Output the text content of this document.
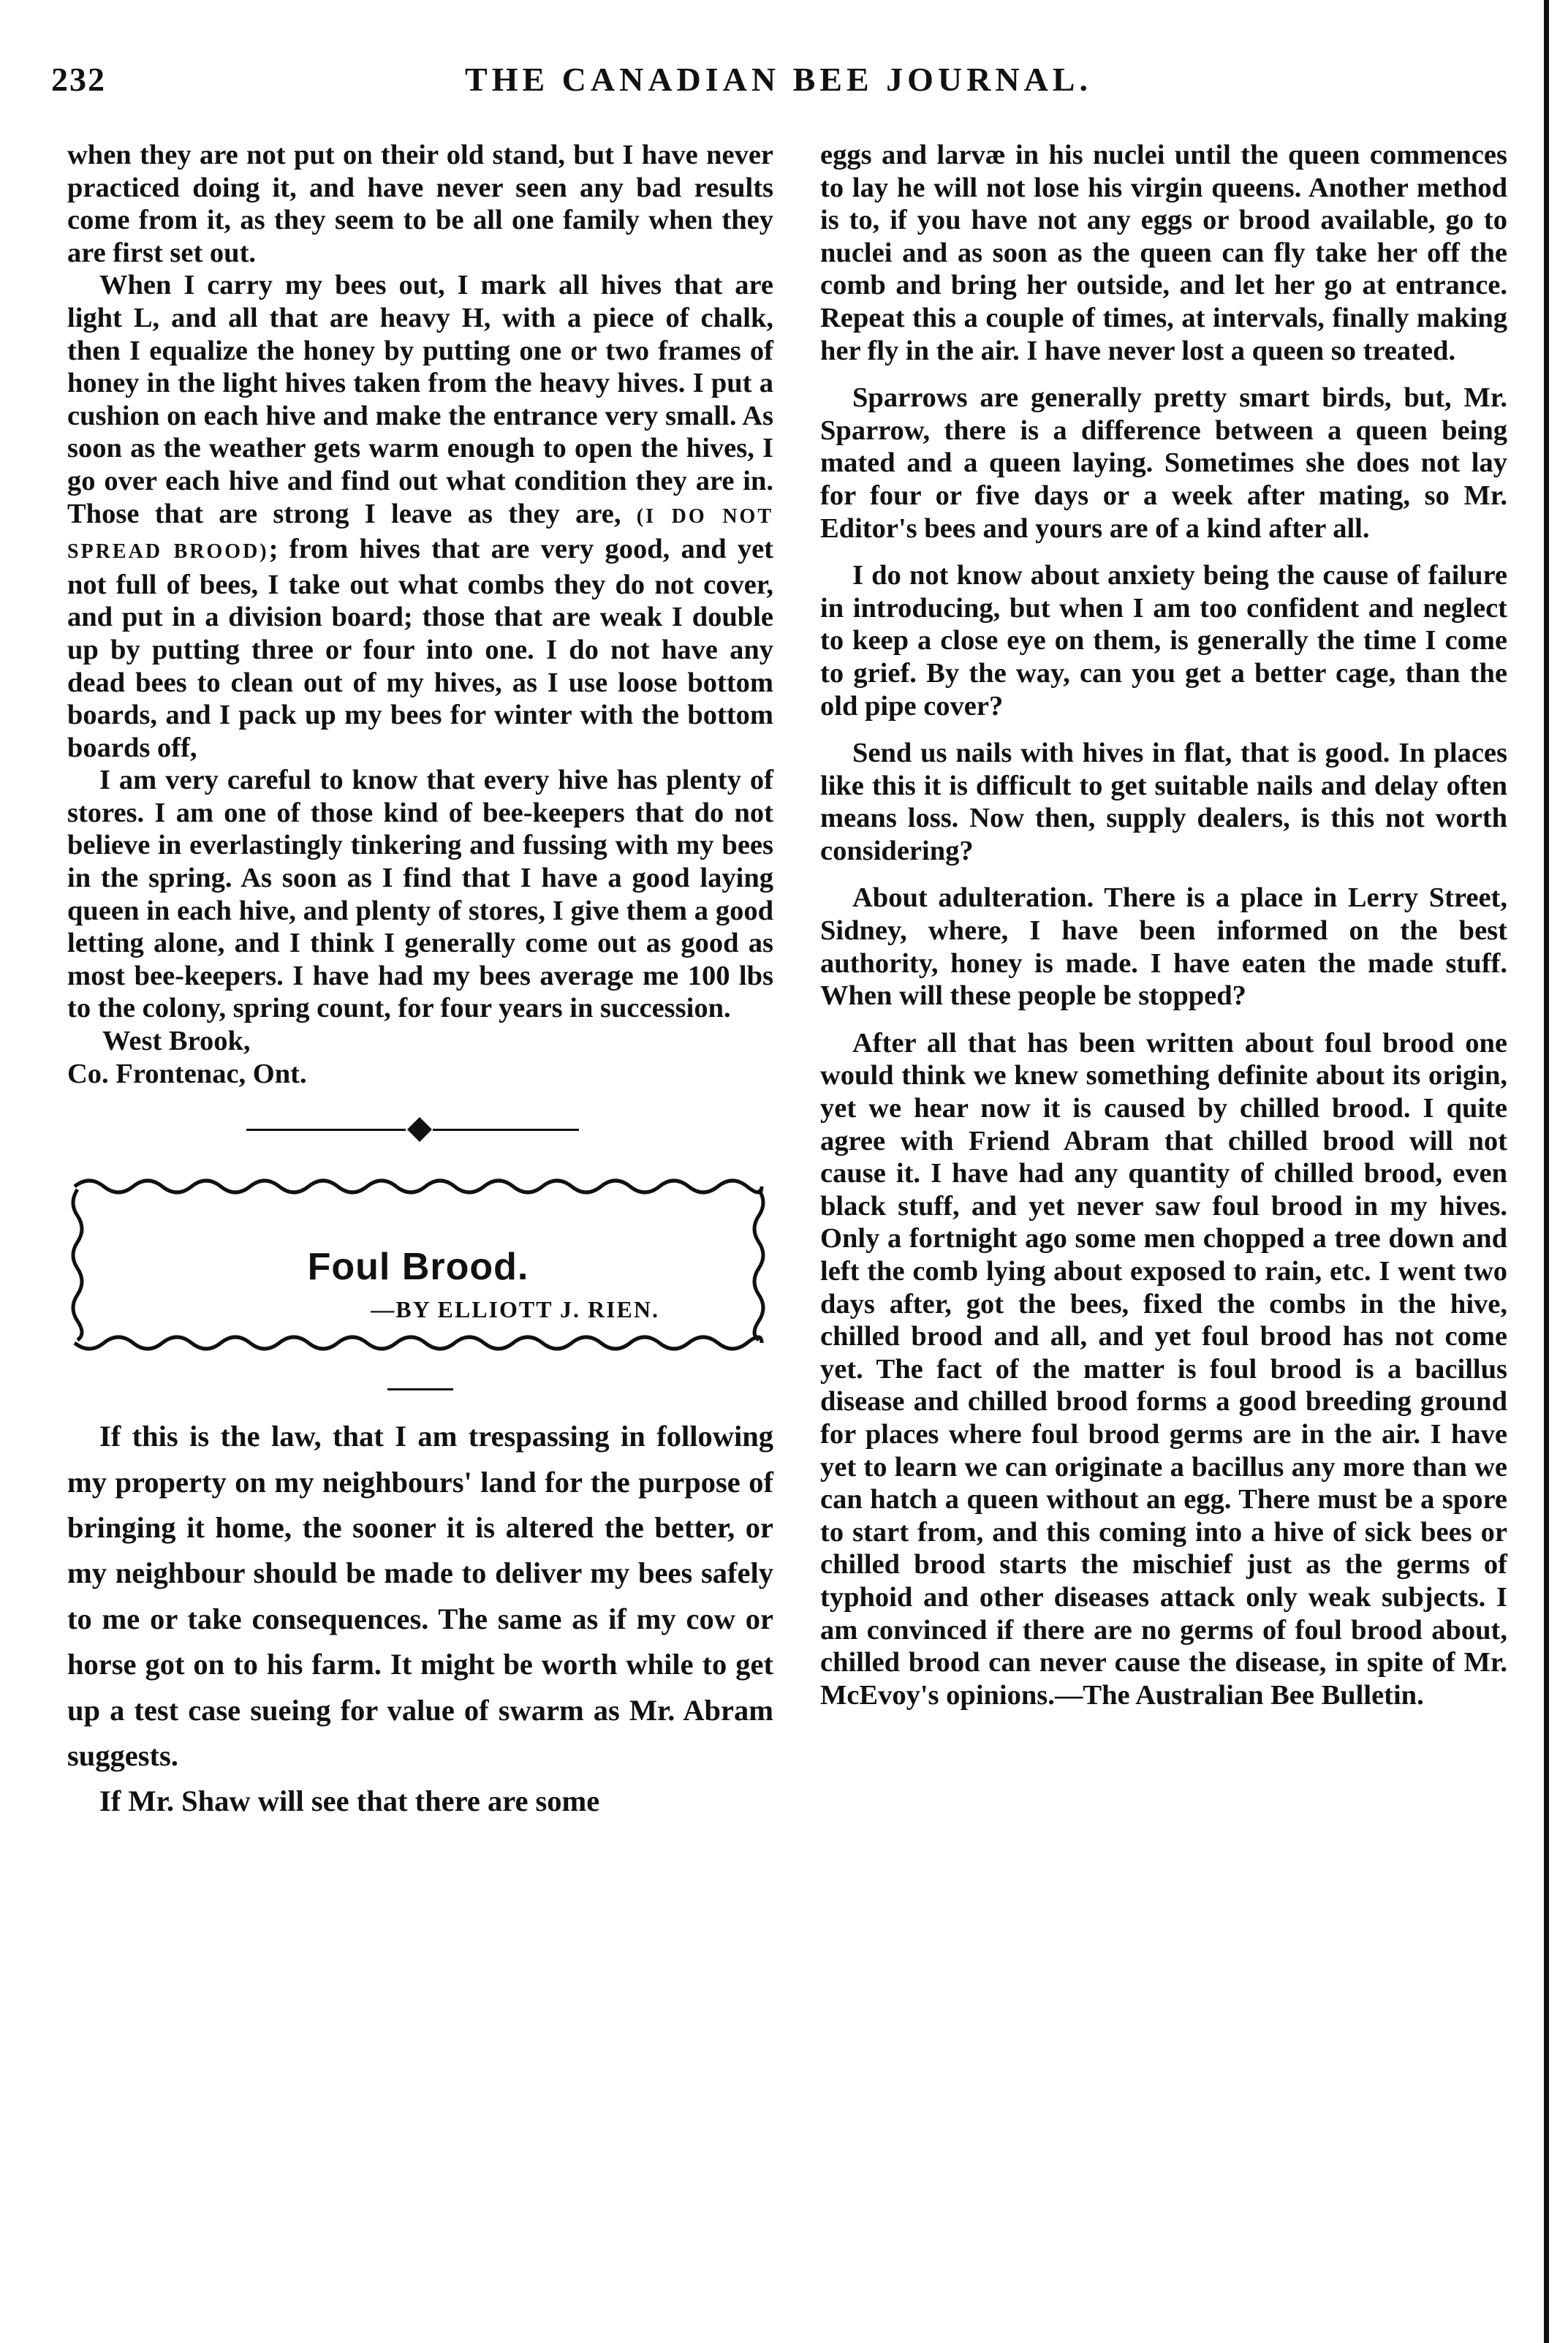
232	THE CANADIAN BEE JOURNAL.

when they are not put on their old stand, but I have never practiced doing it, and have never seen any bad results come from it, as they seem to be all one family when they are first set out.

When I carry my bees out, I mark all hives that are light L, and all that are heavy H, with a piece of chalk, then I equalize the honey by putting one or two frames of honey in the light hives taken from the heavy hives. I put a cushion on each hive and make the entrance very small. As soon as the weather gets warm enough to open the hives, I go over each hive and find out what condition they are in. Those that are strong I leave as they are, (I DO NOT SPREAD BROOD); from hives that are very good, and yet not full of bees, I take out what combs they do not cover, and put in a division board; those that are weak I double up by putting three or four into one. I do not have any dead bees to clean out of my hives, as I use loose bottom boards, and I pack up my bees for winter with the bottom boards off,

I am very careful to know that every hive has plenty of stores. I am one of those kind of bee-keepers that do not believe in everlastingly tinkering and fussing with my bees in the spring. As soon as I find that I have a good laying queen in each hive, and plenty of stores, I give them a good letting alone, and I think I generally come out as good as most bee-keepers. I have had my bees average me 100 lbs to the colony, spring count, for four years in succession.

West Brook,
Co. Frontenac, Ont.
Foul Brood.
—BY ELLIOTT J. RIEN.

If this is the law, that I am trespassing in following my property on my neighbours' land for the purpose of bringing it home, the sooner it is altered the better, or my neighbour should be made to deliver my bees safely to me or take consequences. The same as if my cow or horse got on to his farm. It might be worth while to get up a test case sueing for value of swarm as Mr. Abram suggests.

If Mr. Shaw will see that there are some

eggs and larvæ in his nuclei until the queen commences to lay he will not lose his virgin queens. Another method is to, if you have not any eggs or brood available, go to nuclei and as soon as the queen can fly take her off the comb and bring her outside, and let her go at entrance. Repeat this a couple of times, at intervals, finally making her fly in the air. I have never lost a queen so treated.

Sparrows are generally pretty smart birds, but, Mr. Sparrow, there is a difference between a queen being mated and a queen laying. Sometimes she does not lay for four or five days or a week after mating, so Mr. Editor's bees and yours are of a kind after all.

I do not know about anxiety being the cause of failure in introducing, but when I am too confident and neglect to keep a close eye on them, is generally the time I come to grief. By the way, can you get a better cage, than the old pipe cover?

Send us nails with hives in flat, that is good. In places like this it is difficult to get suitable nails and delay often means loss. Now then, supply dealers, is this not worth considering?

About adulteration. There is a place in Lerry Street, Sidney, where, I have been informed on the best authority, honey is made. I have eaten the made stuff. When will these people be stopped?

After all that has been written about foul brood one would think we knew something definite about its origin, yet we hear now it is caused by chilled brood. I quite agree with Friend Abram that chilled brood will not cause it. I have had any quantity of chilled brood, even black stuff, and yet never saw foul brood in my hives. Only a fortnight ago some men chopped a tree down and left the comb lying about exposed to rain, etc. I went two days after, got the bees, fixed the combs in the hive, chilled brood and all, and yet foul brood has not come yet. The fact of the matter is foul brood is a bacillus disease and chilled brood forms a good breeding ground for places where foul brood germs are in the air. I have yet to learn we can originate a bacillus any more than we can hatch a queen without an egg. There must be a spore to start from, and this coming into a hive of sick bees or chilled brood starts the mischief just as the germs of typhoid and other diseases attack only weak subjects. I am convinced if there are no germs of foul brood about, chilled brood can never cause the disease, in spite of Mr. McEvoy's opinions.—The Australian Bee Bulletin.
